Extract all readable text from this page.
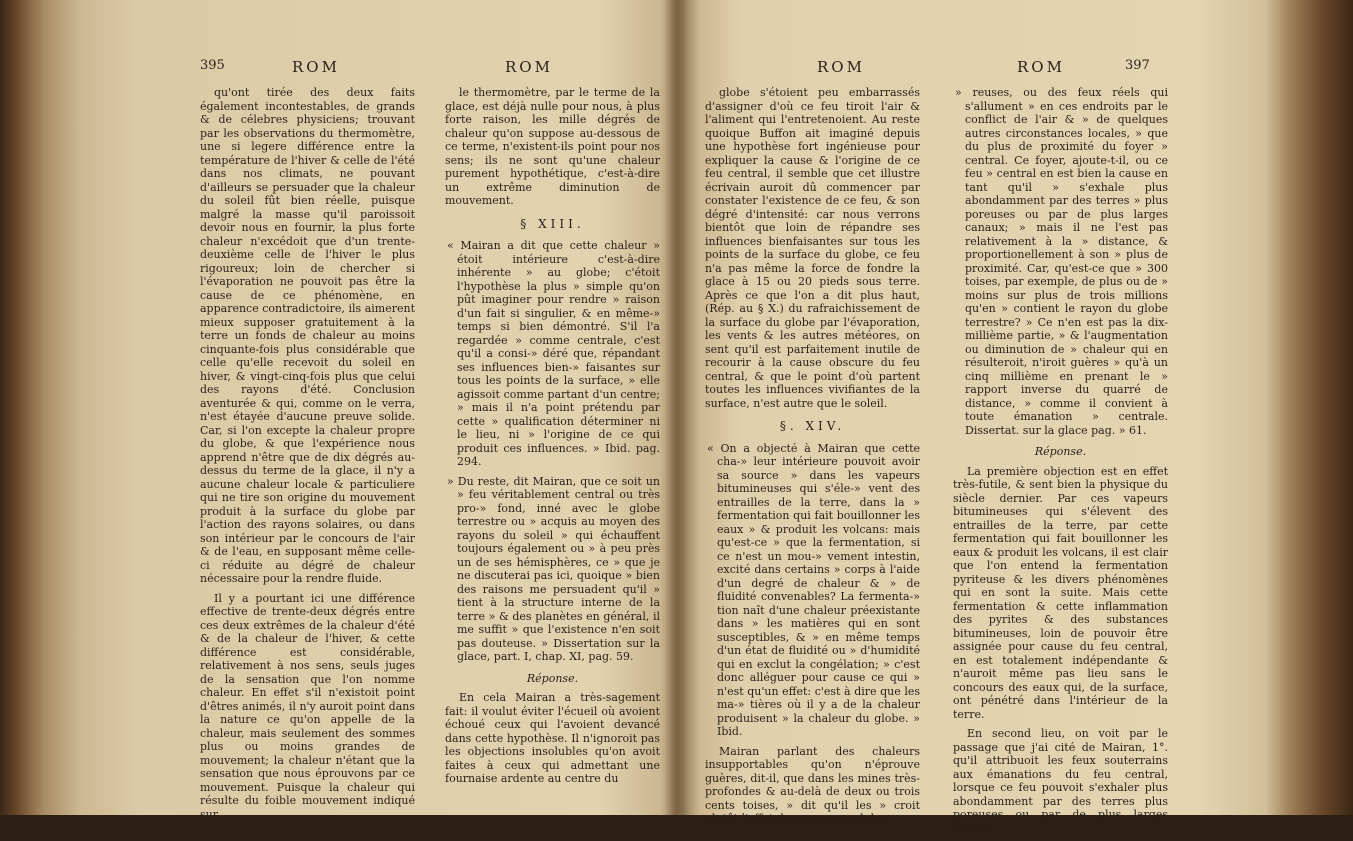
395	ROM	ROM

qu'ont tirée des deux faits également incontestables, de grands & de célebres physiciens; trouvant par les observations du thermomètre, une si legere différence entre la température de l'hiver & celle de l'été dans nos climats, ne pouvant d'ailleurs se persuader que la chaleur du soleil fût bien réelle, puisque malgré la masse qu'il paroissoit devoir nous en fournir, la plus forte chaleur n'excédoit que d'un trente-deuxième celle de l'hiver le plus rigoureux; loin de chercher si l'évaporation ne pouvoit pas être la cause de ce phénomène, en apparence contradictoire, ils aimerent mieux supposer gratuitement à la terre un fonds de chaleur au moins cinquante-fois plus considérable que celle qu'elle recevoit du soleil en hiver, & vingt-cinq-fois plus que celui des rayons d'été. Conclusion aventurée & qui, comme on le verra, n'est étayée d'aucune preuve solide. Car, si l'on excepte la chaleur propre du globe, & que l'expérience nous apprend n'être que de dix dégrés au-dessus du terme de la glace, il n'y a aucune chaleur locale & particuliere qui ne tire son origine du mouvement produit à la surface du globe par l'action des rayons solaires, ou dans son intérieur par le concours de l'air & de l'eau, en supposant même celle-ci réduite au dégré de chaleur nécessaire pour la rendre fluide.

Il y a pourtant ici une différence effective de trente-deux dégrés entre ces deux extrêmes de la chaleur d'été & de la chaleur de l'hiver, & cette différence est considérable, relativement à nos sens, seuls juges de la sensation que l'on nomme chaleur. En effet s'il n'existoit point d'êtres animés, il n'y auroit point dans la nature ce qu'on appelle de la chaleur, mais seulement des sommes plus ou moins grandes de mouvement; la chaleur n'étant que la sensation que nous éprouvons par ce mouvement. Puisque la chaleur qui résulte du foible mouvement indiqué sur

le thermomètre, par le terme de la glace, est déjà nulle pour nous, à plus forte raison, les mille dégrés de chaleur qu'on suppose au-dessous de ce terme, n'existent-ils point pour nos sens; ils ne sont qu'une chaleur purement hypothétique, c'est-à-dire un extrême diminution de mouvement.

§ XIII.

« Mairan a dit que cette chaleur » étoit intérieure c'est-à-dire inhérente » au globe; c'étoit l'hypothèse la plus » simple qu'on pût imaginer pour rendre » raison d'un fait si singulier, & en même-» temps si bien démontré. S'il l'a regardée » comme centrale, c'est qu'il a consi-» déré que, répandant ses influences bien-» faisantes sur tous les points de la surface, » elle agissoit comme partant d'un centre; » mais il n'a point prétendu par cette » qualification déterminer ni le lieu, ni » l'origine de ce qui produit ces influences. » Ibid. pag. 294.

» Du reste, dit Mairan, que ce soit un » feu véritablement central ou très pro-» fond, inné avec le globe terrestre ou » acquis au moyen des rayons du soleil » qui échauffent toujours également ou » à peu près un de ses hémisphères, ce » que je ne discuterai pas ici, quoique » bien des raisons me persuadent qu'il » tient à la structure interne de la terre » & des planètes en général, il me suffit » que l'existence n'en soit pas douteuse. » Dissertation sur la glace, part. I, chap. XI, pag. 59.

Réponse.

En cela Mairan a très-sagement fait: il voulut éviter l'écueil où avoient échoué ceux qui l'avoient devancé dans cette hypothèse. Il n'ignoroit pas les objections insolubles qu'on avoit faites à ceux qui admettant une fournaise ardente au centre du

ROM	ROM	397

globe s'étoient peu embarrassés d'assigner d'où ce feu tiroit l'air & l'aliment qui l'entretenoient. Au reste quoique Buffon ait imaginé depuis une hypothèse fort ingénieuse pour expliquer la cause & l'origine de ce feu central, il semble que cet illustre écrivain auroit dû commencer par constater l'existence de ce feu, & son dégré d'intensité: car nous verrons bientôt que loin de répandre ses influences bienfaisantes sur tous les points de la surface du globe, ce feu n'a pas même la force de fondre la glace à 15 ou 20 pieds sous terre. Après ce que l'on a dit plus haut, (Rép. au § X.) du rafraichissement de la surface du globe par l'évaporation, les vents & les autres météores, on sent qu'il est parfaitement inutile de recourir à la cause obscure du feu central, & que le point d'où partent toutes les influences vivifiantes de la surface, n'est autre que le soleil.

§. XIV.

« On a objecté à Mairan que cette cha-» leur intérieure pouvoit avoir sa source » dans les vapeurs bitumineuses qui s'éle-» vent des entrailles de la terre, dans la » fermentation qui fait bouillonner les eaux » & produit les volcans: mais qu'est-ce » que la fermentation, si ce n'est un mou-» vement intestin, excité dans certains » corps à l'aide d'un degré de chaleur & » de fluidité convenables? La fermenta-» tion naît d'une chaleur préexistante dans » les matières qui en sont susceptibles, & » en même temps d'un état de fluidité ou » d'humidité qui en exclut la congélation; » c'est donc alléguer pour cause ce qui » n'est qu'un effet: c'est à dire que les ma-» tières où il y a de la chaleur produisent » la chaleur du globe. » Ibid.

Mairan parlant des chaleurs insupportables qu'on n'éprouve guères, dit-il, que dans les mines très-profondes & au-delà de deux ou trois cents toises, » dit qu'il les » croit plutôt l'effet des vapeurs sulphu-

» reuses, ou des feux réels qui s'allument » en ces endroits par le conflict de l'air & » de quelques autres circonstances locales, » que du plus de proximité du foyer » central. Ce foyer, ajoute-t-il, ou ce feu » central en est bien la cause en tant qu'il » s'exhale plus abondamment par des terres » plus poreuses ou par de plus larges canaux; » mais il ne l'est pas relativement à la » distance, & proportionellement à son » plus de proximité. Car, qu'est-ce que » 300 toises, par exemple, de plus ou de » moins sur plus de trois millions qu'en » contient le rayon du globe terrestre? » Ce n'en est pas la dix-millième partie, » & l'augmentation ou diminution de » chaleur qui en résulteroit, n'iroit guères » qu'à un cinq millième en prenant le » rapport inverse du quarré de distance, » comme il convient à toute émanation » centrale. Dissertat. sur la glace pag. » 61.

Réponse.

La première objection est en effet très-futile, & sent bien la physique du siècle dernier. Par ces vapeurs bitumineuses qui s'élevent des entrailles de la terre, par cette fermentation qui fait bouillonner les eaux & produit les volcans, il est clair que l'on entend la fermentation pyriteuse & les divers phénomènes qui en sont la suite. Mais cette fermentation & cette inflammation des pyrites & des substances bitumineuses, loin de pouvoir être assignée pour cause du feu central, en est totalement indépendante & n'auroit même pas lieu sans le concours des eaux qui, de la surface, ont pénétré dans l'intérieur de la terre.

En second lieu, on voit par le passage que j'ai cité de Mairan, 1°. qu'il attribuoit les feux souterrains aux émanations du feu central, lorsque ce feu pouvoit s'exhaler plus abondamment par des terres plus poreuses ou par de plus larges canaux;
